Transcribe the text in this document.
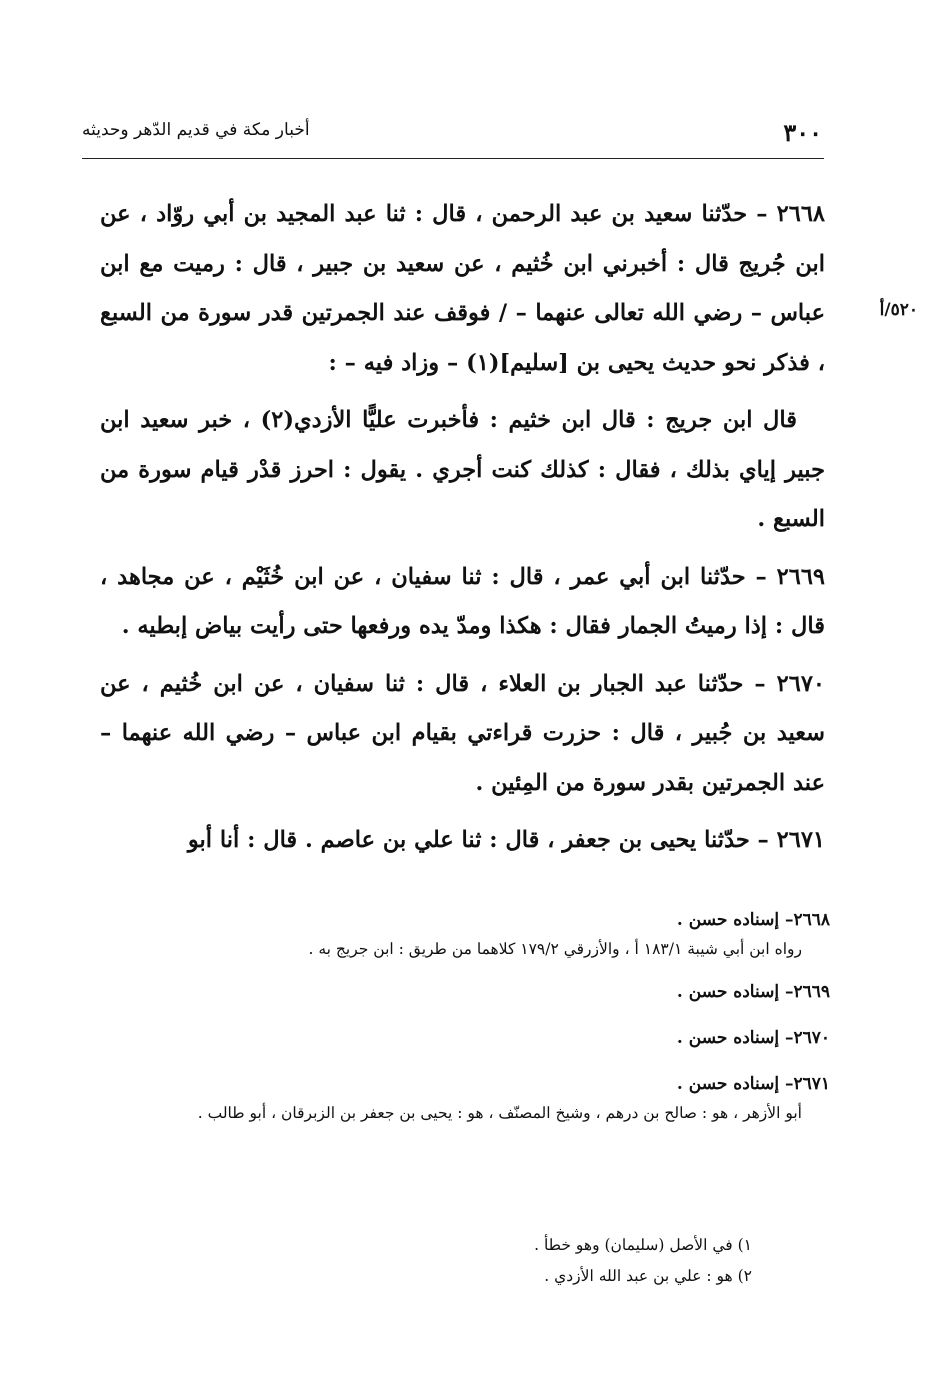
٣٠٠
أخبار مكة في قديم الدّهر وحديثه
٥٢٠/أ

٢٦٦٨ – حدّثنا سعيد بن عبد الرحمن ، قال : ثنا عبد المجيد بن أبي روّاد ، عن ابن جُريج قال : أخبرني ابن خُثيم ، عن سعيد بن جبير ، قال : رميت مع ابن عباس – رضي الله تعالى عنهما – / فوقف عند الجمرتين قدر سورة من السبع ، فذكر نحو حديث يحيى بن [سليم](١) – وزاد فيه – :

قال ابن جريج : قال ابن خثيم : فأخبرت عليًّا الأزدي(٢) ، خبر سعيد ابن جبير إياي بذلك ، فقال : كذلك كنت أجري . يقول : احرز قدْر قيام سورة من السبع .

٢٦٦٩ – حدّثنا ابن أبي عمر ، قال : ثنا سفيان ، عن ابن خُثَيْم ، عن مجاهد ، قال : إذا رميتُ الجمار فقال : هكذا ومدّ يده ورفعها حتى رأيت بياض إبطيه .

٢٦٧٠ – حدّثنا عبد الجبار بن العلاء ، قال : ثنا سفيان ، عن ابن خُثيم ، عن سعيد بن جُبير ، قال : حزرت قراءتي بقيام ابن عباس – رضي الله عنهما – عند الجمرتين بقدر سورة من المِئين .

٢٦٧١ – حدّثنا يحيى بن جعفر ، قال : ثنا علي بن عاصم . قال : أنا أبو

٢٦٦٨– إسناده حسن .

رواه ابن أبي شيبة ١٨٣/١ أ ، والأزرقي ١٧٩/٢ كلاهما من طريق : ابن جريج به .

٢٦٦٩– إسناده حسن .

٢٦٧٠– إسناده حسن .

٢٦٧١– إسناده حسن .

أبو الأزهر ، هو : صالح بن درهم ، وشيخ المصنّف ، هو : يحيى بن جعفر بن الزبرقان ، أبو طالب .

١) في الأصل (سليمان) وهو خطأ .

٢) هو : علي بن عبد الله الأزدي .
